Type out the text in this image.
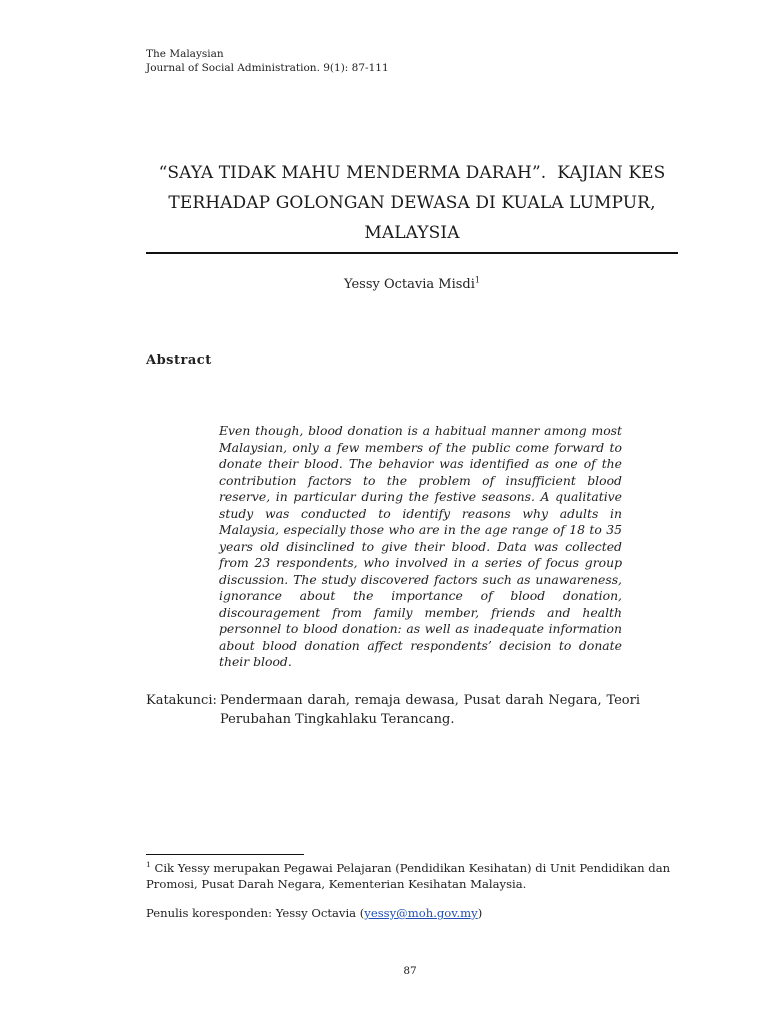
The Malaysian
Journal of Social Administration. 9(1): 87-111
“SAYA TIDAK MAHU MENDERMA DARAH”.  KAJIAN KES
TERHADAP GOLONGAN DEWASA DI KUALA LUMPUR,
MALAYSIA
Yessy Octavia Misdi$^1$
Abstract

Even though, blood donation is a habitual manner among most Malaysian, only a few members of the public come forward to donate their blood. The behavior was identified as one of the contribution factors to the problem of insufficient blood reserve, in particular during the festive seasons. A qualitative study was conducted to identify reasons why adults in Malaysia, especially those who are in the age range of 18 to 35 years old disinclined to give their blood. Data was collected from 23 respondents, who involved in a series of focus group discussion. The study discovered factors such as unawareness, ignorance about the importance of blood donation, discouragement from family member, friends and health personnel to blood donation: as well as inadequate information about blood donation affect respondents’ decision to donate their blood.

Katakunci: Pendermaan darah, remaja dewasa, Pusat darah Negara, Teori Perubahan Tingkahlaku Terancang.
$^1$ Cik Yessy merupakan Pegawai Pelajaran (Pendidikan Kesihatan) di Unit Pendidikan dan Promosi, Pusat Darah Negara, Kementerian Kesihatan Malaysia.
Penulis koresponden: Yessy Octavia (yessy@moh.gov.my)
87
